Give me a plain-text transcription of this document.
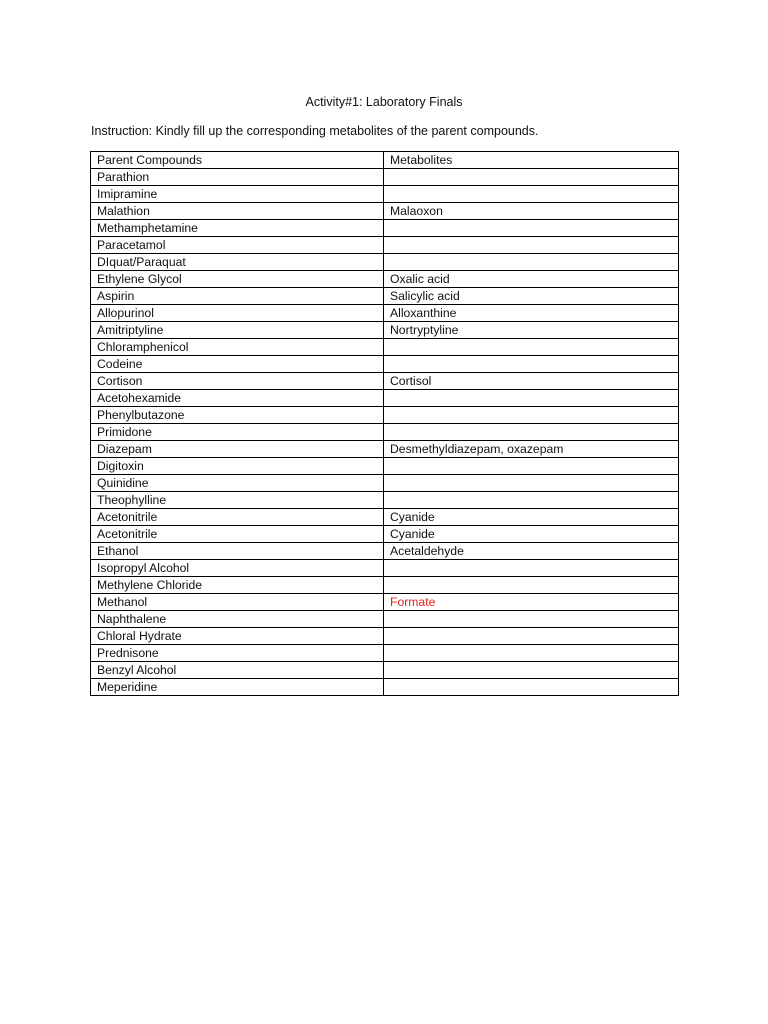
Activity#1: Laboratory Finals
Instruction: Kindly fill up the corresponding metabolites of the parent compounds.
Parent Compounds	Metabolites
Parathion	
Imipramine	
Malathion	Malaoxon
Methamphetamine	
Paracetamol	
DIquat/Paraquat	
Ethylene Glycol	Oxalic acid
Aspirin	Salicylic acid
Allopurinol	Alloxanthine
Amitriptyline	Nortryptyline
Chloramphenicol	
Codeine	
Cortison	Cortisol
Acetohexamide	
Phenylbutazone	
Primidone	
Diazepam	Desmethyldiazepam, oxazepam
Digitoxin	
Quinidine	
Theophylline	
Acetonitrile	Cyanide
Acetonitrile	Cyanide
Ethanol	Acetaldehyde
Isopropyl Alcohol	
Methylene Chloride	
Methanol	Formate
Naphthalene	
Chloral Hydrate	
Prednisone	
Benzyl Alcohol	
Meperidine	
